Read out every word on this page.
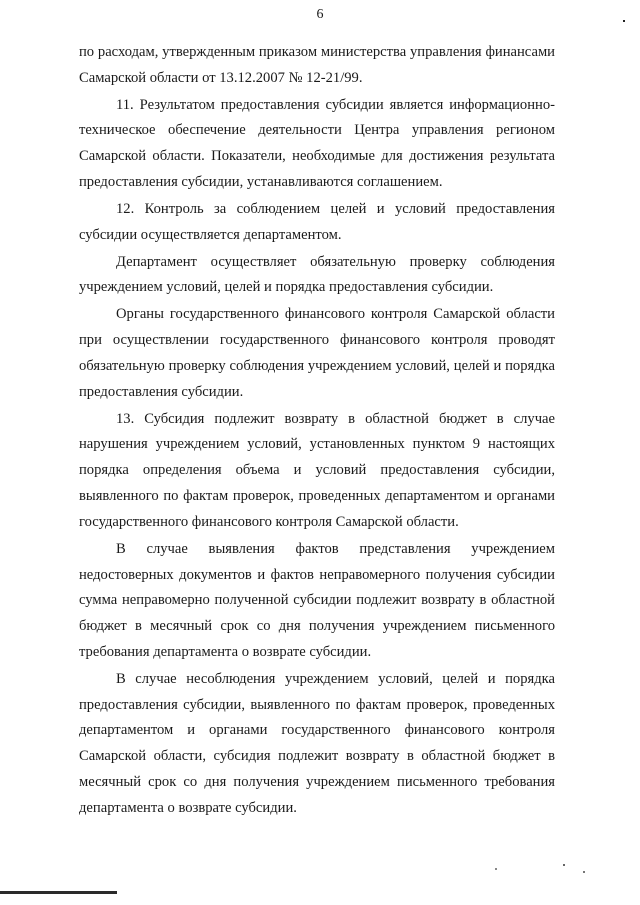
6

по расходам, утвержденным приказом министерства управления финансами Самарской области от 13.12.2007 № 12-21/99.

11. Результатом предоставления субсидии является информационно-техническое обеспечение деятельности Центра управления регионом Самарской области. Показатели, необходимые для достижения результата предоставления субсидии, устанавливаются соглашением.

12. Контроль за соблюдением целей и условий предоставления субсидии осуществляется департаментом.

Департамент осуществляет обязательную проверку соблюдения учреждением условий, целей и порядка предоставления субсидии.

Органы государственного финансового контроля Самарской области при осуществлении государственного финансового контроля проводят обязательную проверку соблюдения учреждением условий, целей и порядка предоставления субсидии.

13. Субсидия подлежит возврату в областной бюджет в случае нарушения учреждением условий, установленных пунктом 9 настоящих порядка определения объема и условий предоставления субсидии, выявленного по фактам проверок, проведенных департаментом и органами государственного финансового контроля Самарской области.

В случае выявления фактов представления учреждением недостоверных документов и фактов неправомерного получения субсидии сумма неправомерно полученной субсидии подлежит возврату в областной бюджет в месячный срок со дня получения учреждением письменного требования департамента о возврате субсидии.

В случае несоблюдения учреждением условий, целей и порядка предоставления субсидии, выявленного по фактам проверок, проведенных департаментом и органами государственного финансового контроля Самарской области, субсидия подлежит возврату в областной бюджет в месячный срок со дня получения учреждением письменного требования департамента о возврате субсидии.
